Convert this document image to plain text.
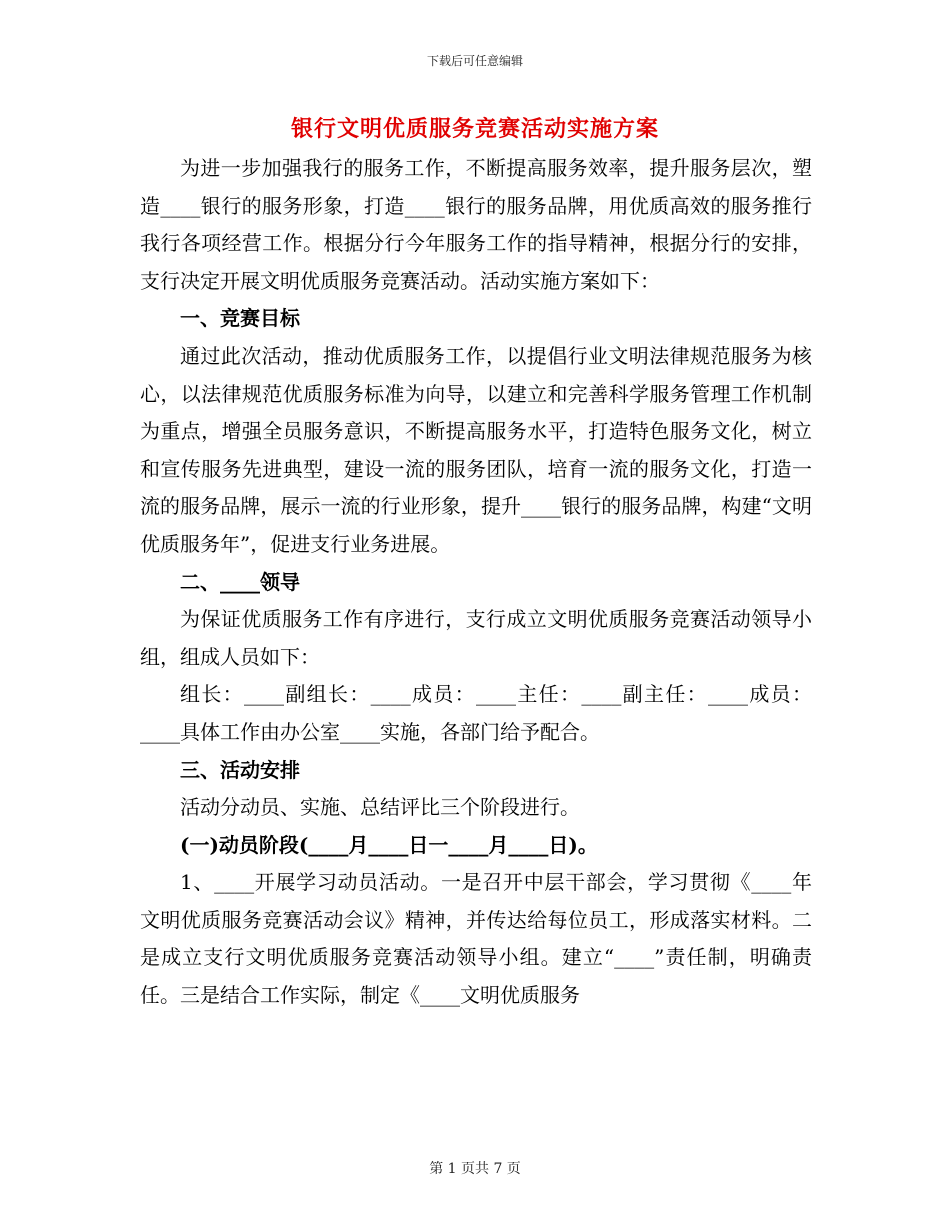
下载后可任意编辑
银行文明优质服务竞赛活动实施方案

为进一步加强我行的服务工作，不断提高服务效率，提升服务层次，塑造____银行的服务形象，打造____银行的服务品牌，用优质高效的服务推行我行各项经营工作。根据分行今年服务工作的指导精神，根据分行的安排，支行决定开展文明优质服务竞赛活动。活动实施方案如下：

一、竞赛目标

通过此次活动，推动优质服务工作，以提倡行业文明法律规范服务为核心，以法律规范优质服务标准为向导，以建立和完善科学服务管理工作机制为重点，增强全员服务意识，不断提高服务水平，打造特色服务文化，树立和宣传服务先进典型，建设一流的服务团队，培育一流的服务文化，打造一流的服务品牌，展示一流的行业形象，提升____银行的服务品牌，构建“文明优质服务年”，促进支行业务进展。

二、____领导

为保证优质服务工作有序进行，支行成立文明优质服务竞赛活动领导小组，组成人员如下：

组长：____副组长：____成员：____主任：____副主任：____成员：____具体工作由办公室____实施，各部门给予配合。

三、活动安排

活动分动员、实施、总结评比三个阶段进行。

(一)动员阶段(____月____日一____月____日)。

1、____开展学习动员活动。一是召开中层干部会，学习贯彻《____年文明优质服务竞赛活动会议》精神，并传达给每位员工，形成落实材料。二是成立支行文明优质服务竞赛活动领导小组。建立“____”责任制，明确责任。三是结合工作实际，制定《____文明优质服务

第 1 页共 7 页
